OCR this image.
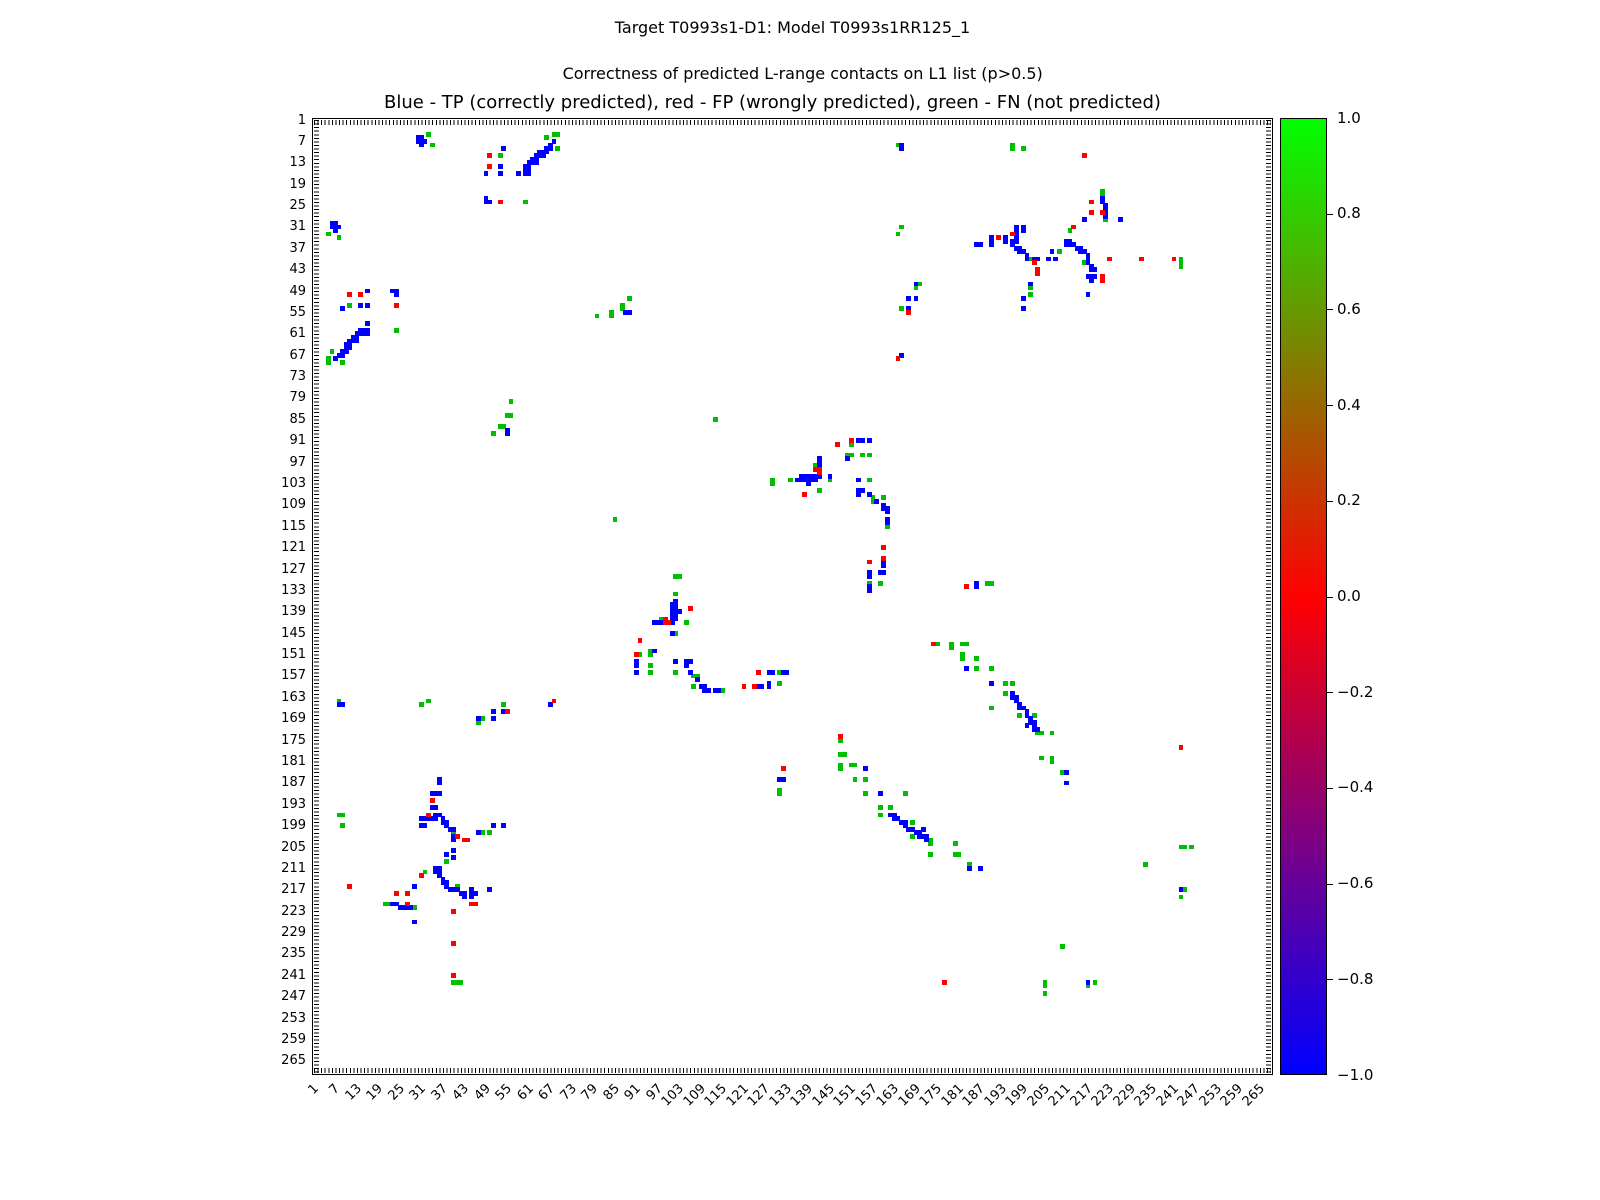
Target T0993s1-D1: Model T0993s1RR125_1

Correctness of predicted L-range contacts on L1 list (p>0.5)
Blue - TP (correctly predicted), red - FP (wrongly predicted), green - FN (not predicted)
1
7
13
19
25
31
37
43
49
55
61
67
73
79
85
91
97
103
109
115
121
127
133
139
145
151
157
163
169
175
181
187
193
199
205
211
217
223
229
235
241
247
253
259
265
1 7 13 19 25 31 37 43 49 55 61 67 73 79 85 91 97
103
109
115
121
127
133
139
145
151
157
163
169
175
181
187
193
199
205
211
217
223
229
235
241
247
253
259
265
1.0
0.8
0.6
0.4
0.2
0.0
−0.2
−0.4
−0.6
−0.8
−1.0
